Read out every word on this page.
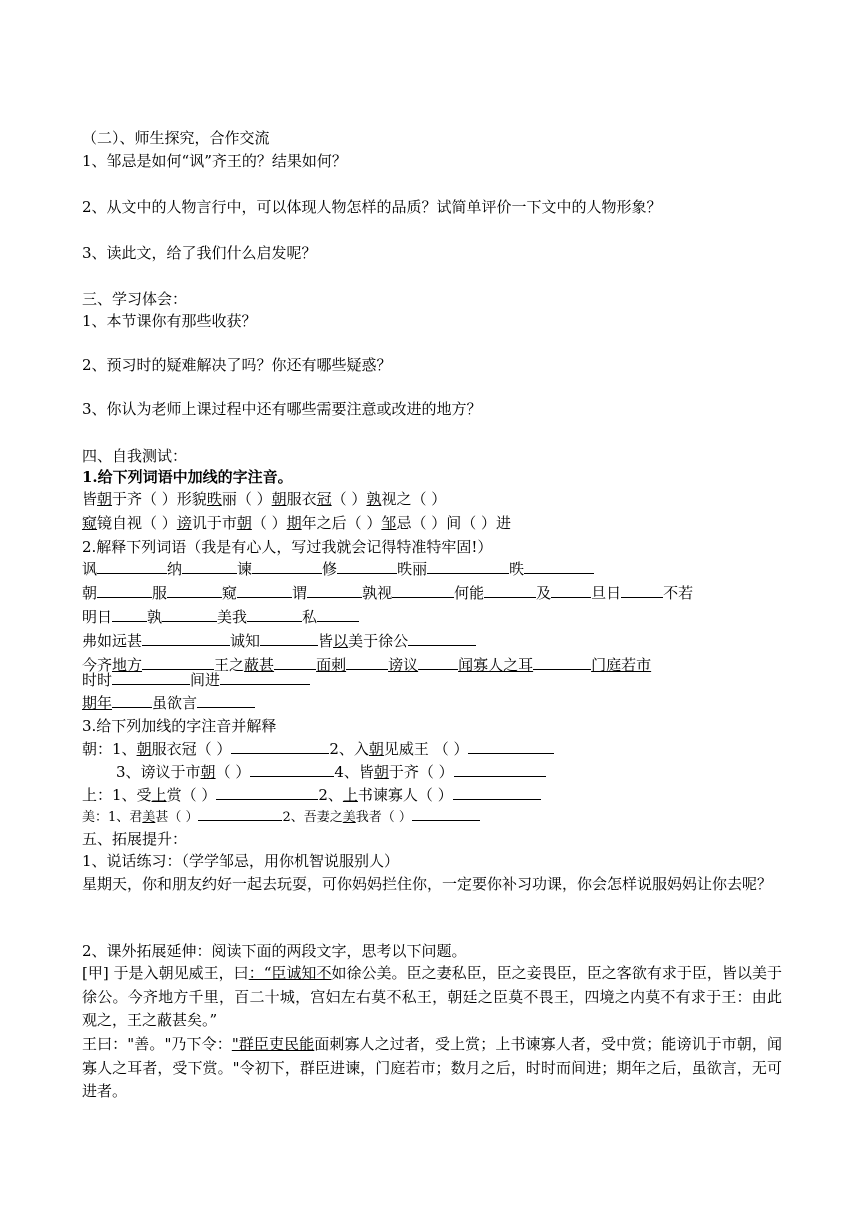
（二）、师生探究，合作交流
1、邹忌是如何“讽”齐王的？结果如何？
2、从文中的人物言行中，可以体现人物怎样的品质？试简单评价一下文中的人物形象？
3、读此文，给了我们什么启发呢？
三、学习体会：
1、本节课你有那些收获？
2、预习时的疑难解决了吗？你还有哪些疑惑？
3、你认为老师上课过程中还有哪些需要注意或改进的地方？
四、自我测试：
1.给下列词语中加线的字注音。
皆朝于齐（ ）形貌昳丽（ ）朝服衣冠（ ）孰视之（ ）
窥镜自视（ ）谤讥于市朝（ ）期年之后（ ）邹忌（ ）间（ ）进
2.解释下列词语（我是有心人，写过我就会记得特准特牢固!）
讽	纳	谏	修	昳丽	昳
朝	服	窥	谓	孰视	何能	及	旦日	不若
明日 孰	美我	私
弗如远甚	诚知	皆以美于徐公
今齐地方	王之蔽甚	面刺	谤议	闻寡人之耳	门庭若市
时时	间进
期年	虽欲言
3.给下列加线的字注音并解释
朝：1、朝服衣冠（ ）	2、入朝见威王 （ ）
3、谤议于市朝（ ）	4、皆朝于齐（ ）
上：1、受上赏（ ）	2、上书谏寡人（ ）
美：1、君美甚（ ）	2、吾妻之美我者（ ）
五、拓展提升：
1、说话练习：（学学邹忌，用你机智说服别人）
星期天，你和朋友约好一起去玩耍，可你妈妈拦住你，一定要你补习功课，你会怎样说服妈妈让你去呢？
2、课外拓展延伸：阅读下面的两段文字，思考以下问题。
[甲] 于是入朝见威王，曰：“臣诚知不如徐公美。臣之妻私臣，臣之妾畏臣，臣之客欲有求于臣，皆以美于徐公。今齐地方千里，百二十城，宫妇左右莫不私王，朝廷之臣莫不畏王，四境之内莫不有求于王：由此观之，王之蔽甚矣。”
王曰："善。"乃下令："群臣吏民能面刺寡人之过者，受上赏；上书谏寡人者，受中赏；能谤讥于市朝，闻寡人之耳者，受下赏。"令初下，群臣进谏，门庭若市；数月之后，时时而间进；期年之后，虽欲言，无可进者。
